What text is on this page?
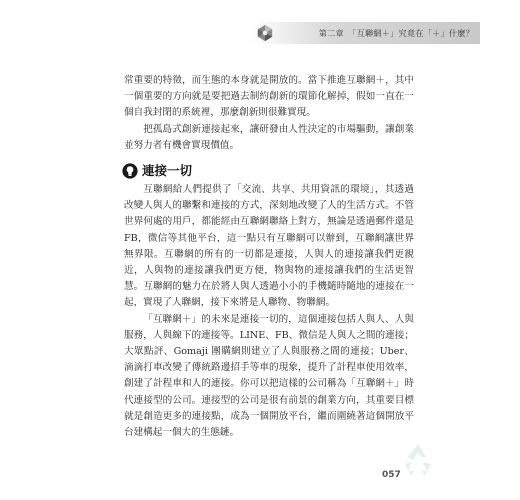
第二章　「互聯網＋」究竟在「＋」什麼？

常重要的特徵，而生態的本身就是開放的。當下推進互聯網＋，其中一個重要的方向就是要把過去制約創新的環節化解掉，假如一直在一個自我封閉的系統裡，那麼創新則很難實現。

把孤島式創新連接起來，讓研發由人性決定的市場驅動，讓創業並努力者有機會實現價值。

連接一切

互聯網給人們提供了「交流、共享、共用資訊的環境」，其透過改變人與人的聯繫和連接的方式，深刻地改變了人的生活方式。不管世界何處的用戶，都能經由互聯網聯絡上對方，無論是透過郵件還是 FB，微信等其他平台，這一點只有互聯網可以辦到，互聯網讓世界無界限。互聯網的所有的一切都是連接，人與人的連接讓我們更親近，人與物的連接讓我們更方便，物與物的連接讓我們的生活更智慧。互聯網的魅力在於將人與人透過小小的手機隨時隨地的連接在一起，實現了人聯網，接下來將是人聯物、物聯網。

「互聯網＋」的未來是連接一切的，這個連接包括人與人、人與服務，人與線下的連接等。LINE、FB、微信是人與人之間的連接；大眾點評、Gomaji 團購網則建立了人與服務之間的連接；Uber、滴滴打車改變了傳統路邊招手等車的現象，提升了計程車使用效率，創建了計程車和人的連接。你可以把這樣的公司稱為「互聯網＋」時代連接型的公司。連接型的公司是很有前景的創業方向，其重要目標就是創造更多的連接點，成為一個開放平台，繼而圍繞著這個開放平台建構起一個大的生態鏈。

057
